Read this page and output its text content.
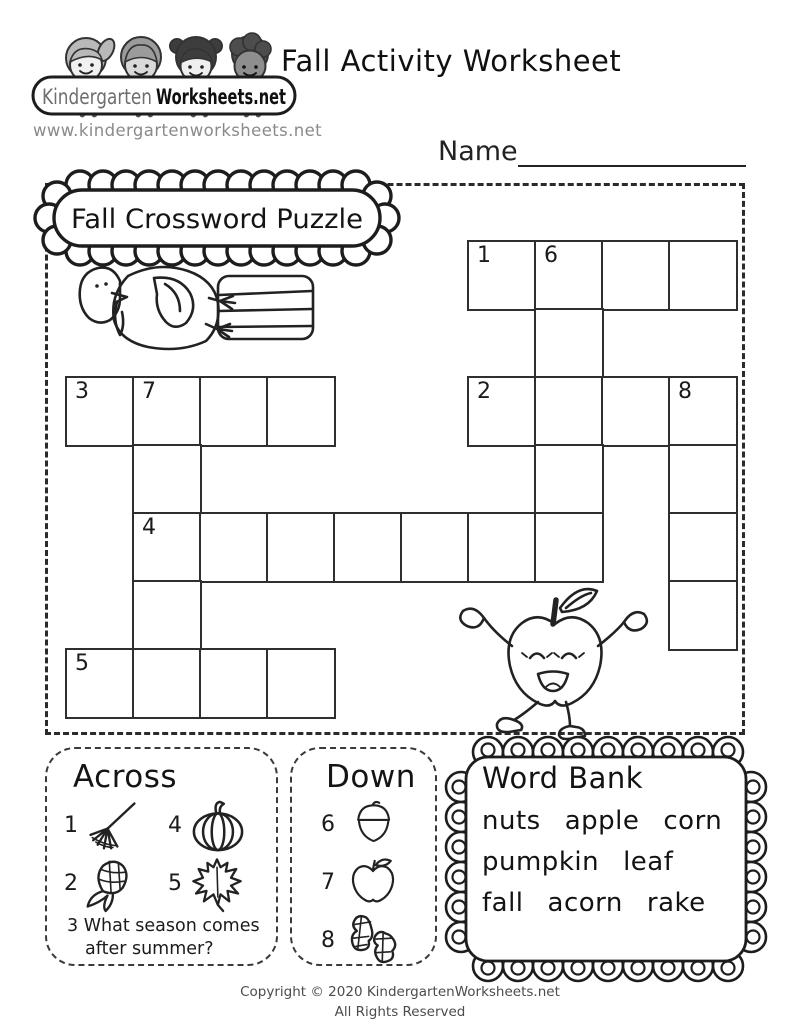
Kindergarten Worksheets.net
www.kindergartenworksheets.net
Fall Activity Worksheet
Name
1	6
3	7	2	8
4
5
Fall Crossword Puzzle
Across
1	4
2	5
3 What season comes
after summer?
Down
6
7
8
Word Bank
nuts apple corn
pumpkin leaf
fall acorn rake
Copyright © 2020 KindergartenWorksheets.net
All Rights Reserved
